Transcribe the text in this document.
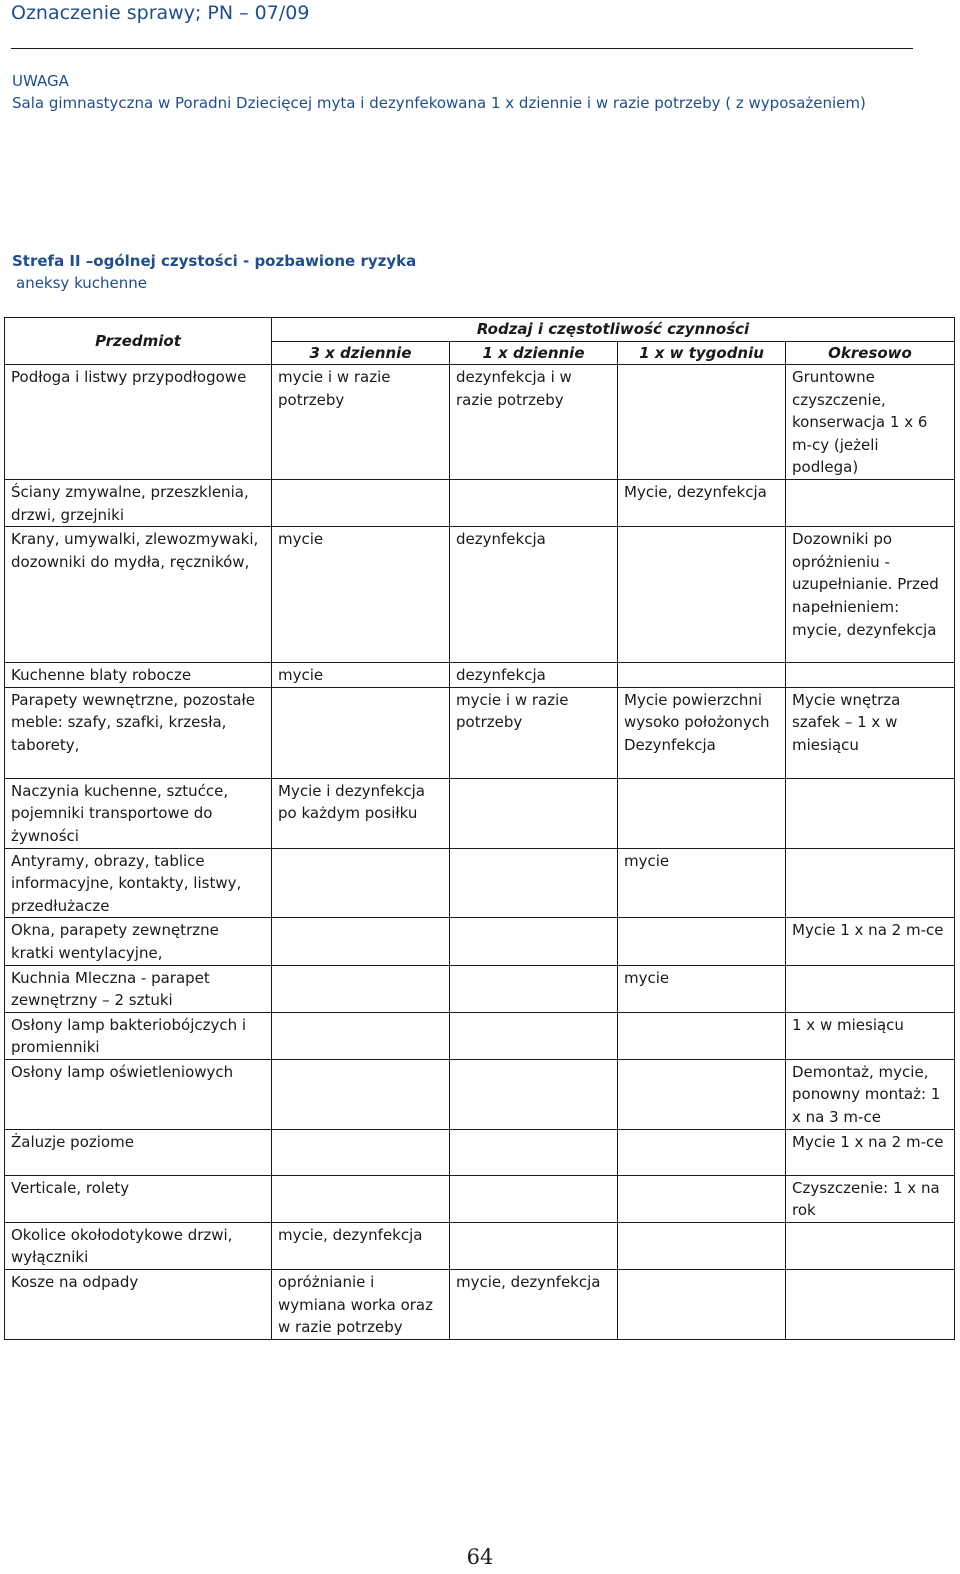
Oznaczenie sprawy; PN – 07/09
UWAGA
Sala gimnastyczna w Poradni Dziecięcej myta i dezynfekowana 1 x dziennie i w razie potrzeby ( z wyposażeniem)
Strefa II –ogólnej czystości - pozbawione ryzyka
aneksy kuchenne
Przedmiot	Rodzaj i częstotliwość czynności			
	3 x dziennie	1 x dziennie	1 x w tygodniu	Okresowo
Podłoga i listwy przypodłogowe	mycie i w razie potrzeby	dezynfekcja i w razie potrzeby		Gruntowne czyszczenie, konserwacja 1 x 6 m-cy (jeżeli podlega)
Ściany zmywalne, przeszklenia, drzwi, grzejniki			Mycie, dezynfekcja	
Krany, umywalki, zlewozmywaki, dozowniki do mydła, ręczników,	mycie	dezynfekcja		Dozowniki po opróżnieniu - uzupełnianie. Przed napełnieniem: mycie, dezynfekcja
Kuchenne blaty robocze	mycie	dezynfekcja		
Parapety wewnętrzne, pozostałe meble: szafy, szafki, krzesła, taborety,		mycie i w razie potrzeby	Mycie powierzchni wysoko położonych Dezynfekcja	Mycie wnętrza szafek – 1 x w miesiącu
Naczynia kuchenne, sztućce, pojemniki transportowe do żywności	Mycie i dezynfekcja po każdym posiłku			
Antyramy, obrazy, tablice informacyjne, kontakty, listwy, przedłużacze			mycie	
Okna, parapety zewnętrzne kratki wentylacyjne,				Mycie 1 x na 2 m-ce
Kuchnia Mleczna - parapet zewnętrzny – 2 sztuki			mycie	
Osłony lamp bakteriobójczych i promienniki				1 x w miesiącu
Osłony lamp oświetleniowych				Demontaż, mycie, ponowny montaż: 1 x na 3 m-ce
Żaluzje poziome				Mycie 1 x na 2 m-ce
Verticale, rolety				Czyszczenie: 1 x na rok
Okolice okołodotykowe drzwi, wyłączniki	mycie, dezynfekcja			
Kosze na odpady	opróżnianie i wymiana worka oraz w razie potrzeby	mycie, dezynfekcja		
64
